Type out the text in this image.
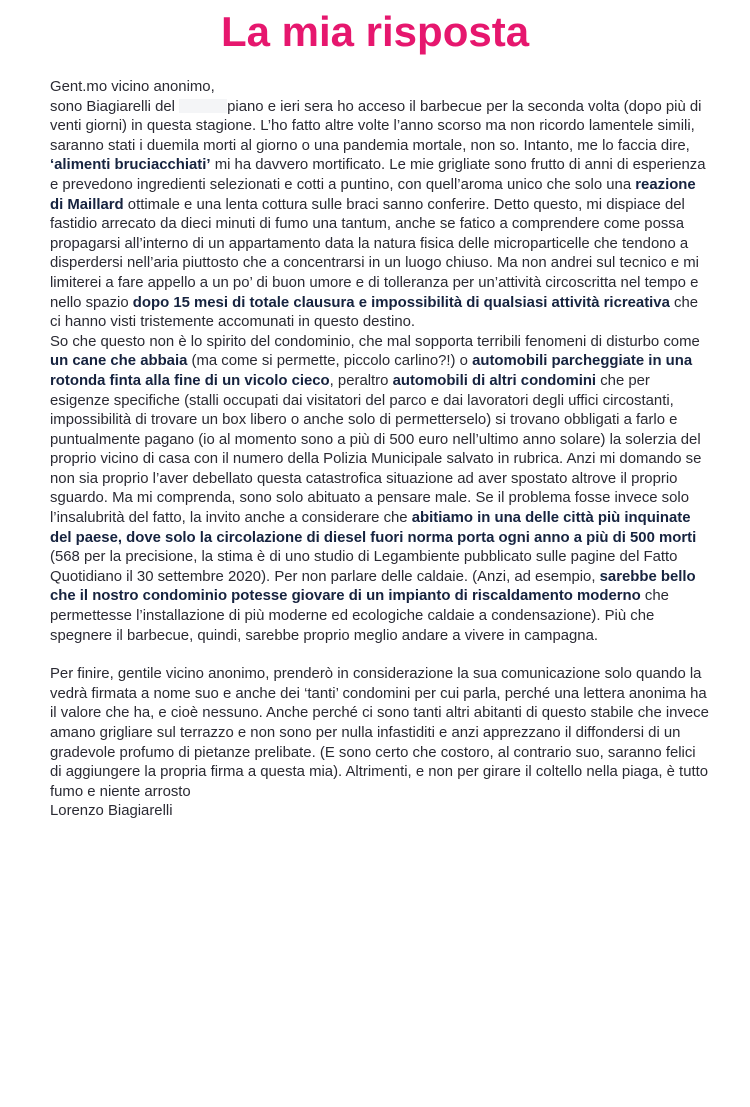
La mia risposta

Gent.mo vicino anonimo,

sono Biagiarelli del	piano e ieri sera ho acceso il barbecue per la seconda volta (dopo più di venti giorni) in questa stagione. L’ho fatto altre volte l’anno scorso ma non ricordo lamentele simili, saranno stati i duemila morti al giorno o una pandemia mortale, non so. Intanto, me lo faccia dire, ‘alimenti bruciacchiati’ mi ha davvero mortificato. Le mie grigliate sono frutto di anni di esperienza e prevedono ingredienti selezionati e cotti a puntino, con quell’aroma unico che solo una reazione di Maillard ottimale e una lenta cottura sulle braci sanno conferire. Detto questo, mi dispiace del fastidio arrecato da dieci minuti di fumo una tantum, anche se fatico a comprendere come possa propagarsi all’interno di un appartamento data la natura fisica delle microparticelle che tendono a disperdersi nell’aria piuttosto che a concentrarsi in un luogo chiuso. Ma non andrei sul tecnico e mi limiterei a fare appello a un po’ di buon umore e di tolleranza per un’attività circoscritta nel tempo e nello spazio dopo 15 mesi di totale clausura e impossibilità di qualsiasi attività ricreativa che ci hanno visti tristemente accomunati in questo destino.

So che questo non è lo spirito del condominio, che mal sopporta terribili fenomeni di disturbo come un cane che abbaia (ma come si permette, piccolo carlino?!) o automobili parcheggiate in una rotonda finta alla fine di un vicolo cieco, peraltro automobili di altri condomini che per esigenze specifiche (stalli occupati dai visitatori del parco e dai lavoratori degli uffici circostanti, impossibilità di trovare un box libero o anche solo di permetterselo) si trovano obbligati a farlo e puntualmente pagano (io al momento sono a più di 500 euro nell’ultimo anno solare) la solerzia del proprio vicino di casa con il numero della Polizia Municipale salvato in rubrica. Anzi mi domando se non sia proprio l’aver debellato questa catastrofica situazione ad aver spostato altrove il proprio sguardo. Ma mi comprenda, sono solo abituato a pensare male. Se il problema fosse invece solo l’insalubrità del fatto, la invito anche a considerare che abitiamo in una delle città più inquinate del paese, dove solo la circolazione di diesel fuori norma porta ogni anno a più di 500 morti (568 per la precisione, la stima è di uno studio di Legambiente pubblicato sulle pagine del Fatto Quotidiano il 30 settembre 2020). Per non parlare delle caldaie. (Anzi, ad esempio, sarebbe bello che il nostro condominio potesse giovare di un impianto di riscaldamento moderno che permettesse l’installazione di più moderne ed ecologiche caldaie a condensazione). Più che spegnere il barbecue, quindi, sarebbe proprio meglio andare a vivere in campagna.

Per finire, gentile vicino anonimo, prenderò in considerazione la sua comunicazione solo quando la vedrà firmata a nome suo e anche dei ‘tanti’ condomini per cui parla, perché una lettera anonima ha il valore che ha, e cioè nessuno. Anche perché ci sono tanti altri abitanti di questo stabile che invece amano grigliare sul terrazzo e non sono per nulla infastiditi e anzi apprezzano il diffondersi di un gradevole profumo di pietanze prelibate. (E sono certo che costoro, al contrario suo, saranno felici di aggiungere la propria firma a questa mia). Altrimenti, e non per girare il coltello nella piaga, è tutto fumo e niente arrosto

Lorenzo Biagiarelli
